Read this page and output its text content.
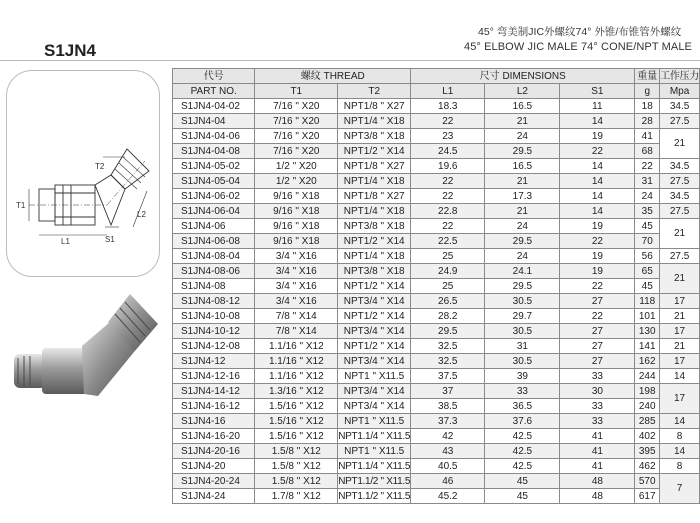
S1JN4
45° 弯美制JIC外螺纹74° 外锥/布锥管外螺纹
45° ELBOW JIC MALE 74° CONE/NPT MALE
T2
T1
L2
L1	S1
代号	螺纹 THREAD		尺寸 DIMENSIONS			重量	工作压力
PART NO.	T1	T2	L1	L2	S1	g	Mpa
S1JN4-04-02	7/16 " X20	NPT1/8 " X27	18.3	16.5	11	18	34.5
S1JN4-04	7/16 " X20	NPT1/4 " X18	22	21	14	28	27.5
S1JN4-04-06	7/16 " X20	NPT3/8 " X18	23	24	19	41	21
S1JN4-04-08	7/16 " X20	NPT1/2 " X14	24.5	29.5	22	68	
S1JN4-05-02	1/2 " X20	NPT1/8 " X27	19.6	16.5	14	22	34.5
S1JN4-05-04	1/2 " X20	NPT1/4 " X18	22	21	14	31	27.5
S1JN4-06-02	9/16 " X18	NPT1/8 " X27	22	17.3	14	24	34.5
S1JN4-06-04	9/16 " X18	NPT1/4 " X18	22.8	21	14	35	27.5
S1JN4-06	9/16 " X18	NPT3/8 " X18	22	24	19	45	21
S1JN4-06-08	9/16 " X18	NPT1/2 " X14	22.5	29.5	22	70	
S1JN4-08-04	3/4 " X16	NPT1/4 " X18	25	24	19	56	27.5
S1JN4-08-06	3/4 " X16	NPT3/8 " X18	24.9	24.1	19	65	21
S1JN4-08	3/4 " X16	NPT1/2 " X14	25	29.5	22	45	
S1JN4-08-12	3/4 " X16	NPT3/4 " X14	26.5	30.5	27	118	17
S1JN4-10-08	7/8 " X14	NPT1/2 " X14	28.2	29.7	22	101	21
S1JN4-10-12	7/8 " X14	NPT3/4 " X14	29.5	30.5	27	130	17
S1JN4-12-08	1.1/16 " X12	NPT1/2 " X14	32.5	31	27	141	21
S1JN4-12	1.1/16 " X12	NPT3/4 " X14	32.5	30.5	27	162	17
S1JN4-12-16	1.1/16 " X12	NPT1 " X11.5	37.5	39	33	244	14
S1JN4-14-12	1.3/16 " X12	NPT3/4 " X14	37	33	30	198	17
S1JN4-16-12	1.5/16 " X12	NPT3/4 " X14	38.5	36.5	33	240	
S1JN4-16	1.5/16 " X12	NPT1 " X11.5	37.3	37.6	33	285	14
S1JN4-16-20	1.5/16 " X12	NPT1.1/4 " X11.5	42	42.5	41	402	8
S1JN4-20-16	1.5/8 " X12	NPT1 " X11.5	43	42.5	41	395	14
S1JN4-20	1.5/8 " X12	NPT1.1/4 " X11.5	40.5	42.5	41	462	8
S1JN4-20-24	1.5/8 " X12	NPT1.1/2 " X11.5	46	45	48	570	7
S1JN4-24	1.7/8 " X12	NPT1.1/2 " X11.5	45.2	45	48	617	
